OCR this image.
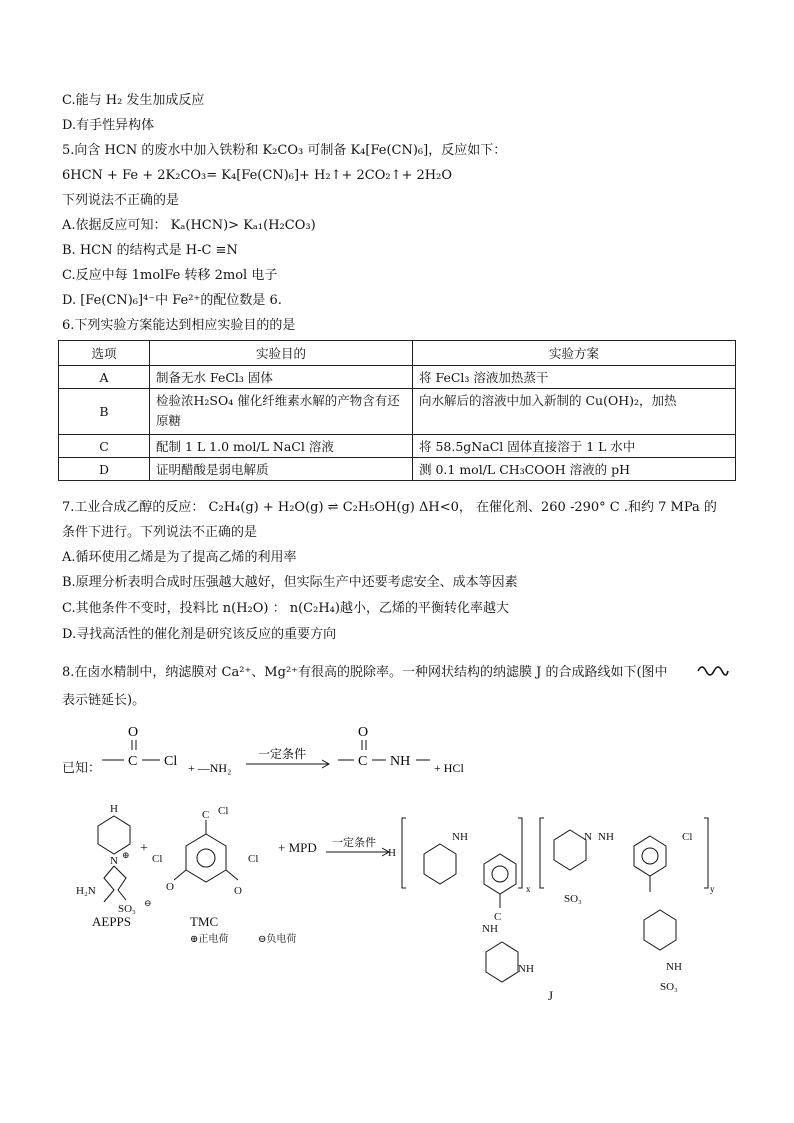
C.能与 H₂ 发生加成反应
D.有手性异构体
5.向含 HCN 的废水中加入铁粉和 K₂CO₃ 可制备 K₄[Fe(CN)₆]，反应如下：
6HCN + Fe + 2K₂CO₃= K₄[Fe(CN)₆]+ H₂↑+ 2CO₂↑+ 2H₂O
下列说法不正确的是
A.依据反应可知： Kₐ(HCN)> Kₐ₁(H₂CO₃)
B. HCN 的结构式是 H-C ≡N
C.反应中每 1molFe 转移 2mol 电子
D. [Fe(CN)₆]⁴⁻中 Fe²⁺的配位数是 6.
6.下列实验方案能达到相应实验目的的是
选项	实验目的	实验方案
A	制备无水 FeCl₃ 固体	将 FeCl₃ 溶液加热蒸干
B	检验浓H₂SO₄ 催化纤维素水解的产物含有还原糖	向水解后的溶液中加入新制的 Cu(OH)₂，加热
C	配制 1 L 1.0 mol/L NaCl 溶液	将 58.5gNaCl 固体直接溶于 1 L 水中
D	证明醋酸是弱电解质	测 0.1 mol/L CH₃COOH 溶液的 pH
7.工业合成乙醇的反应： C₂H₄(g) + H₂O(g) ⇌ C₂H₅OH(g) ΔH<0， 在催化剂、260 -290° C .和约 7 MPa 的
条件下进行。下列说法不正确的是
A.循环使用乙烯是为了提高乙烯的利用率
B.原理分析表明合成时压强越大越好，但实际生产中还要考虑安全、成本等因素
C.其他条件不变时，投料比 n(H₂O) ： n(C₂H₄)越小，乙烯的平衡转化率越大
D.寻找高活性的催化剂是研究该反应的重要方向
8.在卤水精制中，纳滤膜对 Ca²⁺、Mg²⁺有很高的脱除率。一种网状结构的纳滤膜 J 的合成路线如下(图中
表示链延长)。
已知：
O
C Cl + —NH₂
一定条件
O
C NH + HCl
H
N ⊕
H₂N
SO₃ ⊖
AEPPS
+
C Cl
Cl
O
Cl
O
TMC
+ MPD 一定条件
⊕正电荷	⊖负电荷
H
NH
C
NH
NH
x
N
SO₃
NH	Cl
NH
SO₃
y
J
